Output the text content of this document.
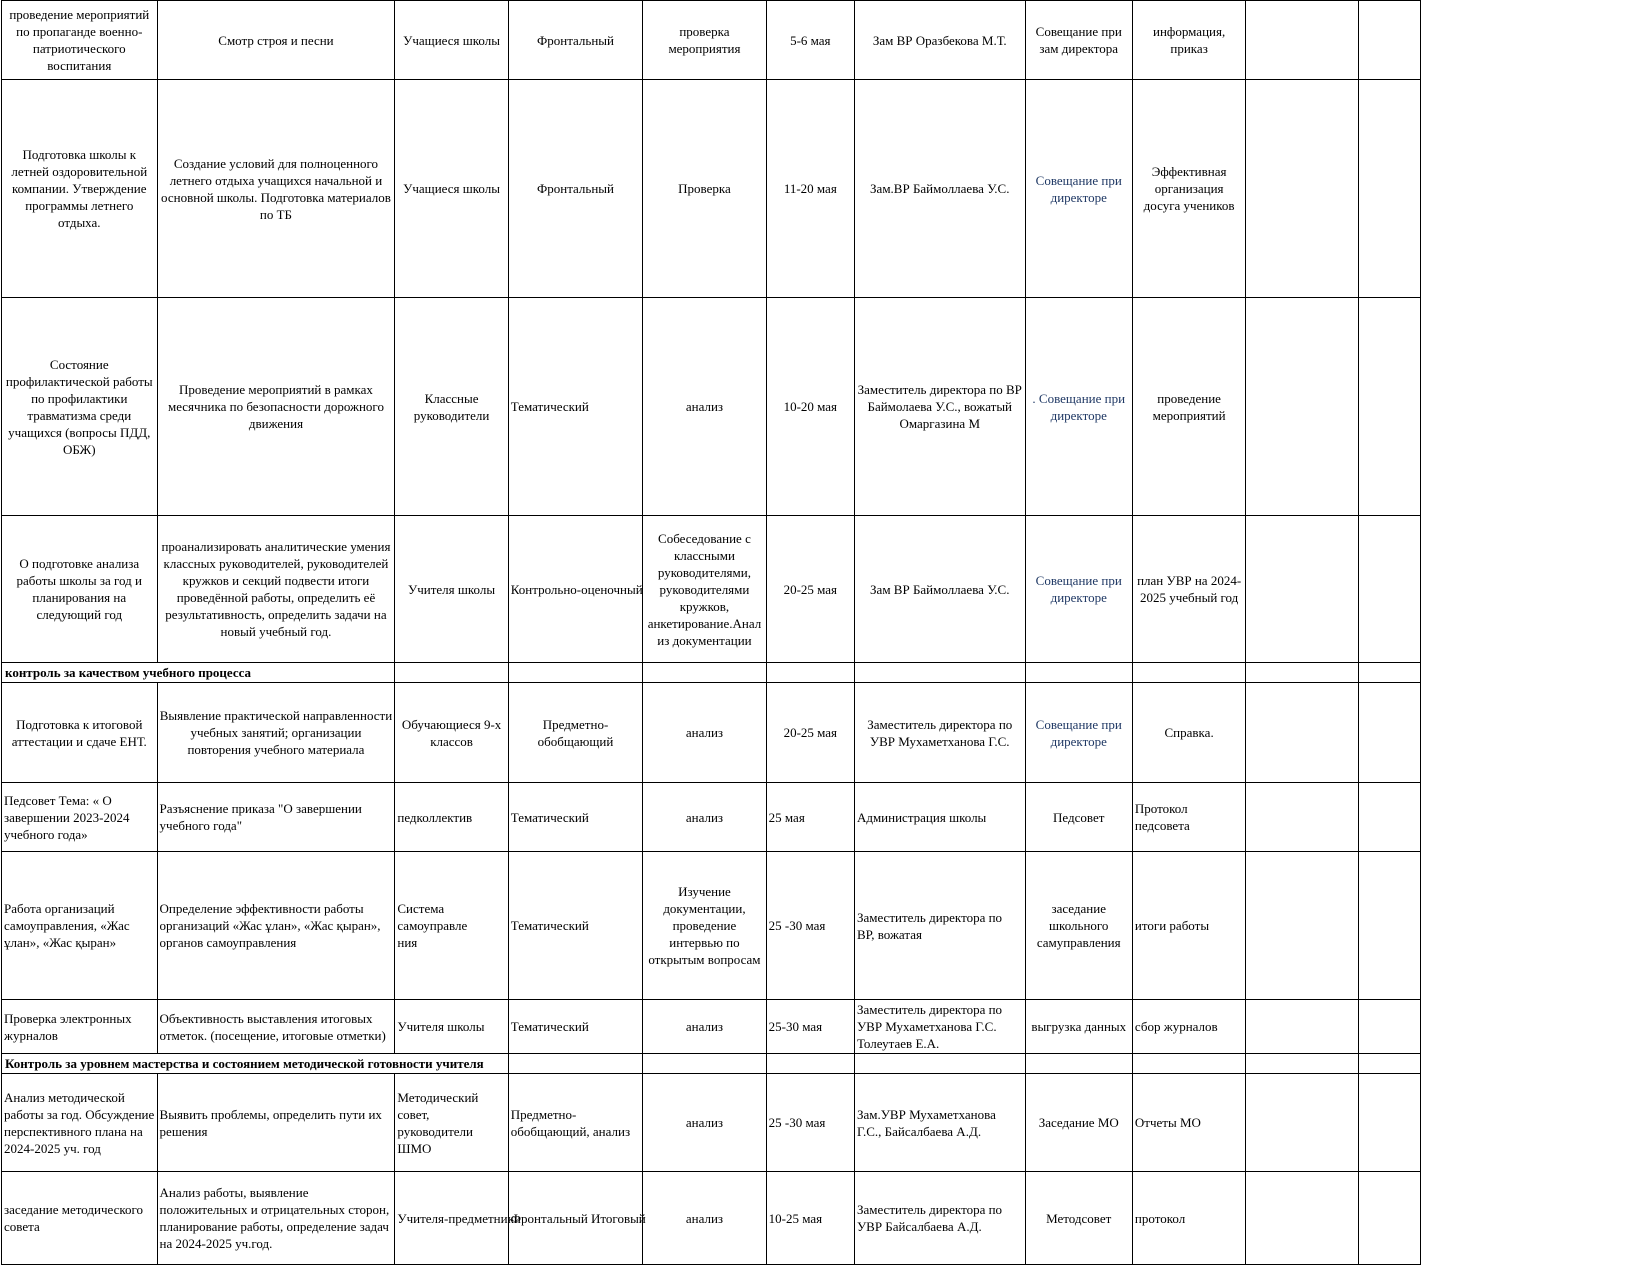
проведение мероприятий по пропаганде военно-патриотического воспитания	Смотр строя и песни	Учащиеся школы	Фронтальный	проверка мероприятия	5-6 мая	Зам ВР Оразбекова М.Т.	Совещание при зам директора	информация, приказ		
Подготовка школы к летней оздоровительной компании. Утверждение программы летнего отдыха.	Создание условий для полноценного летнего отдыха учащихся начальной и основной школы. Подготовка материалов по ТБ	Учащиеся школы	Фронтальный	Проверка	11-20 мая	Зам.ВР Баймоллаева У.С.	Совещание при директоре	Эффективная организация досуга учеников		
Состояние профилактической работы по профилактики травматизма среди учащихся (вопросы ПДД, ОБЖ)	Проведение мероприятий в рамках месячника по безопасности дорожного движения	Классные руководители	Тематический	анализ	10-20 мая	Заместитель директора по ВР Баймолаева У.С., вожатый Омаргазина М	. Совещание при директоре	проведение мероприятий		
О подготовке анализа работы школы за год и планирования на следующий год	проанализировать аналитические умения классных руководителей, руководителей кружков и секций подвести итоги проведённой работы, определить её результативность, определить задачи на новый учебный год.	Учителя школы	Контрольно-оценочный	Собеседование с классными руководителями, руководителями кружков, анкетирование.Анализ документации	20-25 мая	Зам ВР Баймоллаева У.С.	Совещание при директоре	план УВР на 2024-2025 учебный год		
контроль за качеством учебного процесса										
Подготовка к итоговой аттестации и сдаче ЕНТ.	Выявление практической направленности учебных занятий; организации повторения учебного материала	Обучающиеся 9-х классов	Предметно-обобщающий	анализ	20-25 мая	Заместитель директора по УВР Мухаметханова Г.С.	Совещание при директоре	Справка.		
Педсовет Тема: « О завершении 2023-2024 учебного года»	Разъяснение приказа "О завершении учебного года"	педколлектив	Тематический	анализ	25 мая	Администрация школы	Педсовет	Протокол педсовета		
Работа организаций самоуправления, «Жас ұлан», «Жас қыран»	Определение эффективности работы организаций «Жас ұлан», «Жас қыран», органов самоуправления	Система самоуправле ния	Тематический	Изучение документации, проведение интервью по открытым вопросам	25 -30 мая	Заместитель директора по ВР, вожатая	заседание школьного самуправления	итоги работы		
Проверка электронных журналов	Объективность выставления итоговых отметок. (посещение, итоговые отметки)	Учителя школы	Тематический	анализ	25-30 мая	Заместитель директора по УВР Мухаметханова Г.С. Толеутаев Е.А.	выгрузка данных	сбор журналов		
Контроль за уровнем мастерства и состоянием методической готовности учителя										
Анализ методической работы за год. Обсуждение перспективного плана на 2024-2025 уч. год	Выявить проблемы, определить пути их решения	Методический совет, руководители ШМО	Предметно-обобщающий, анализ	анализ	25 -30 мая	Зам.УВР Мухаметханова Г.С., Байсалбаева А.Д.	Заседание МО	Отчеты МО		
заседание методического совета	Анализ работы, выявление положительных и отрицательных сторон, планирование работы, определение задач на 2024-2025 уч.год.	Учителя-предметники	Фронтальный Итоговый	анализ	10-25 мая	Заместитель директора по УВР Байсалбаева А.Д.	Методсовет	протокол		
